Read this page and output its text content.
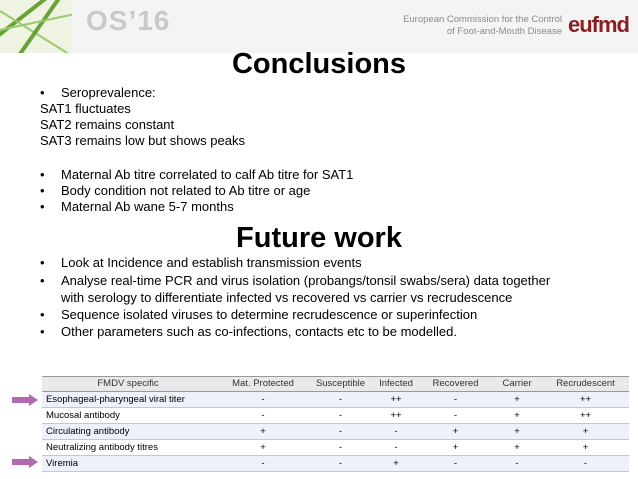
OS’16	European Commission for the Control
of Foot-and-Mouth Disease eufmd
Conclusions
• Seroprevalence:
SAT1 fluctuates
SAT2 remains constant
SAT3 remains low but shows peaks
• Maternal Ab titre correlated to calf Ab titre for SAT1
• Body condition not related to Ab titre or age
• Maternal Ab wane 5-7 months
Future work
• Look at Incidence and establish transmission events
• Analyse real-time PCR and virus isolation (probangs/tonsil swabs/sera) data together
with serology to differentiate infected vs recovered vs carrier vs recrudescence
• Sequence isolated viruses to determine recrudescence or superinfection
• Other parameters such as co-infections, contacts etc to be modelled.
FMDV specific	Mat. Protected	Susceptible	Infected	Recovered	Carrier	Recrudescent
Esophageal-pharyngeal viral titer	-	-	++	-	+	++
Mucosal antibody	-	-	++	-	+	++
Circulating antibody	+	-	-	+	+	+
Neutralizing antibody titres	+	-	-	+	+	+
Viremia	-	-	+	-	-	-
